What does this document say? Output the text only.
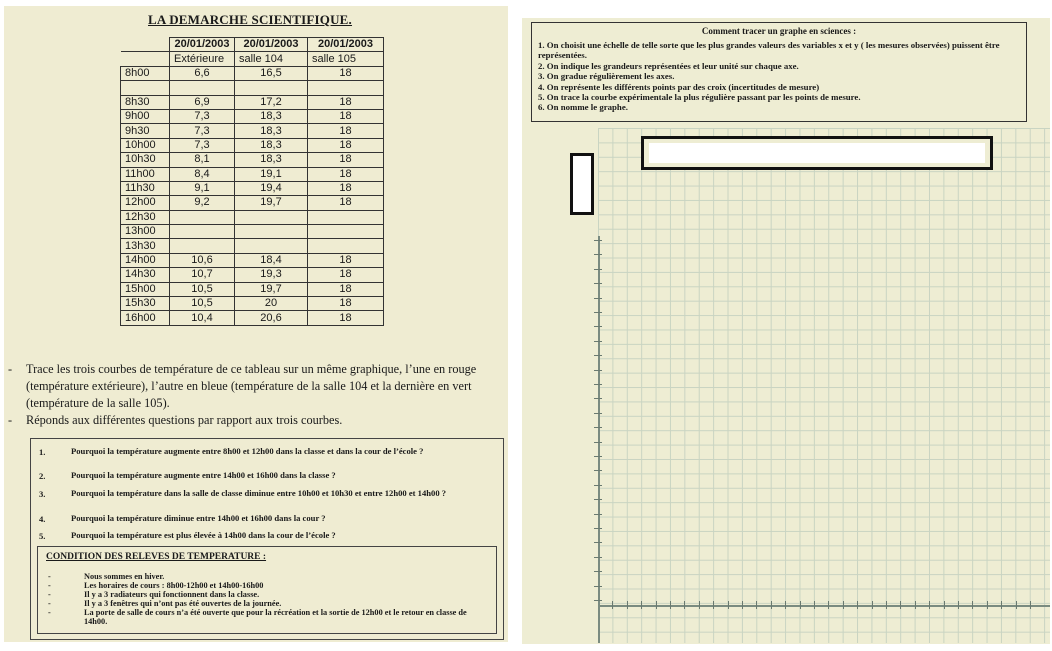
LA DEMARCHE SCIENTIFIQUE.
	20/01/2003	20/01/2003	20/01/2003
	Extérieure	salle 104	salle 105
8h00	6,6	16,5	18

8h30	6,9	17,2	18
9h00	7,3	18,3	18
9h30	7,3	18,3	18
10h00	7,3	18,3	18
10h30	8,1	18,3	18
11h00	8,4	19,1	18
11h30	9,1	19,4	18
12h00	9,2	19,7	18
12h30			
13h00			
13h30			
14h00	10,6	18,4	18
14h30	10,7	19,3	18
15h00	10,5	19,7	18
15h30	10,5	20	18
16h00	10,4	20,6	18

- Trace les trois courbes de température de ce tableau sur un même graphique, l’une en rouge (température extérieure), l’autre en bleue (température de la salle 104 et la dernière en vert (température de la salle 105).

- Réponds aux différentes questions par rapport aux trois courbes.

1.	Pourquoi la température augmente entre 8h00 et 12h00 dans la classe et dans la cour de l’école ?
2.	Pourquoi la température augmente entre 14h00 et 16h00 dans la classe ?
3.	Pourquoi la température dans la salle de classe diminue entre 10h00 et 10h30 et entre 12h00 et 14h00 ?
4.	Pourquoi la température diminue entre 14h00 et 16h00 dans la cour ?
5.	Pourquoi la température est plus élevée à 14h00 dans la cour de l’école ?
CONDITION DES RELEVES DE TEMPERATURE :
-	Nous sommes en hiver.
-	Les horaires de cours : 8h00-12h00 et 14h00-16h00
-	Il y a 3 radiateurs qui fonctionnent dans la classe.
-	Il y a 3 fenêtres qui n’ont pas été ouvertes de la journée.
-	La porte de salle de cours n’a été ouverte que pour la récréation et la sortie de 12h00 et le retour en classe de 14h00.
Comment tracer un graphe en sciences :
1. On choisit une échelle de telle sorte que les plus grandes valeurs des variables x et y ( les mesures observées) puissent être représentées.
2. On indique les grandeurs représentées et leur unité sur chaque axe.
3. On gradue régulièrement les axes.
4. On représente les différents points par des croix (incertitudes de mesure)
5. On trace la courbe expérimentale la plus régulière passant par les points de mesure.
6. On nomme le graphe.
